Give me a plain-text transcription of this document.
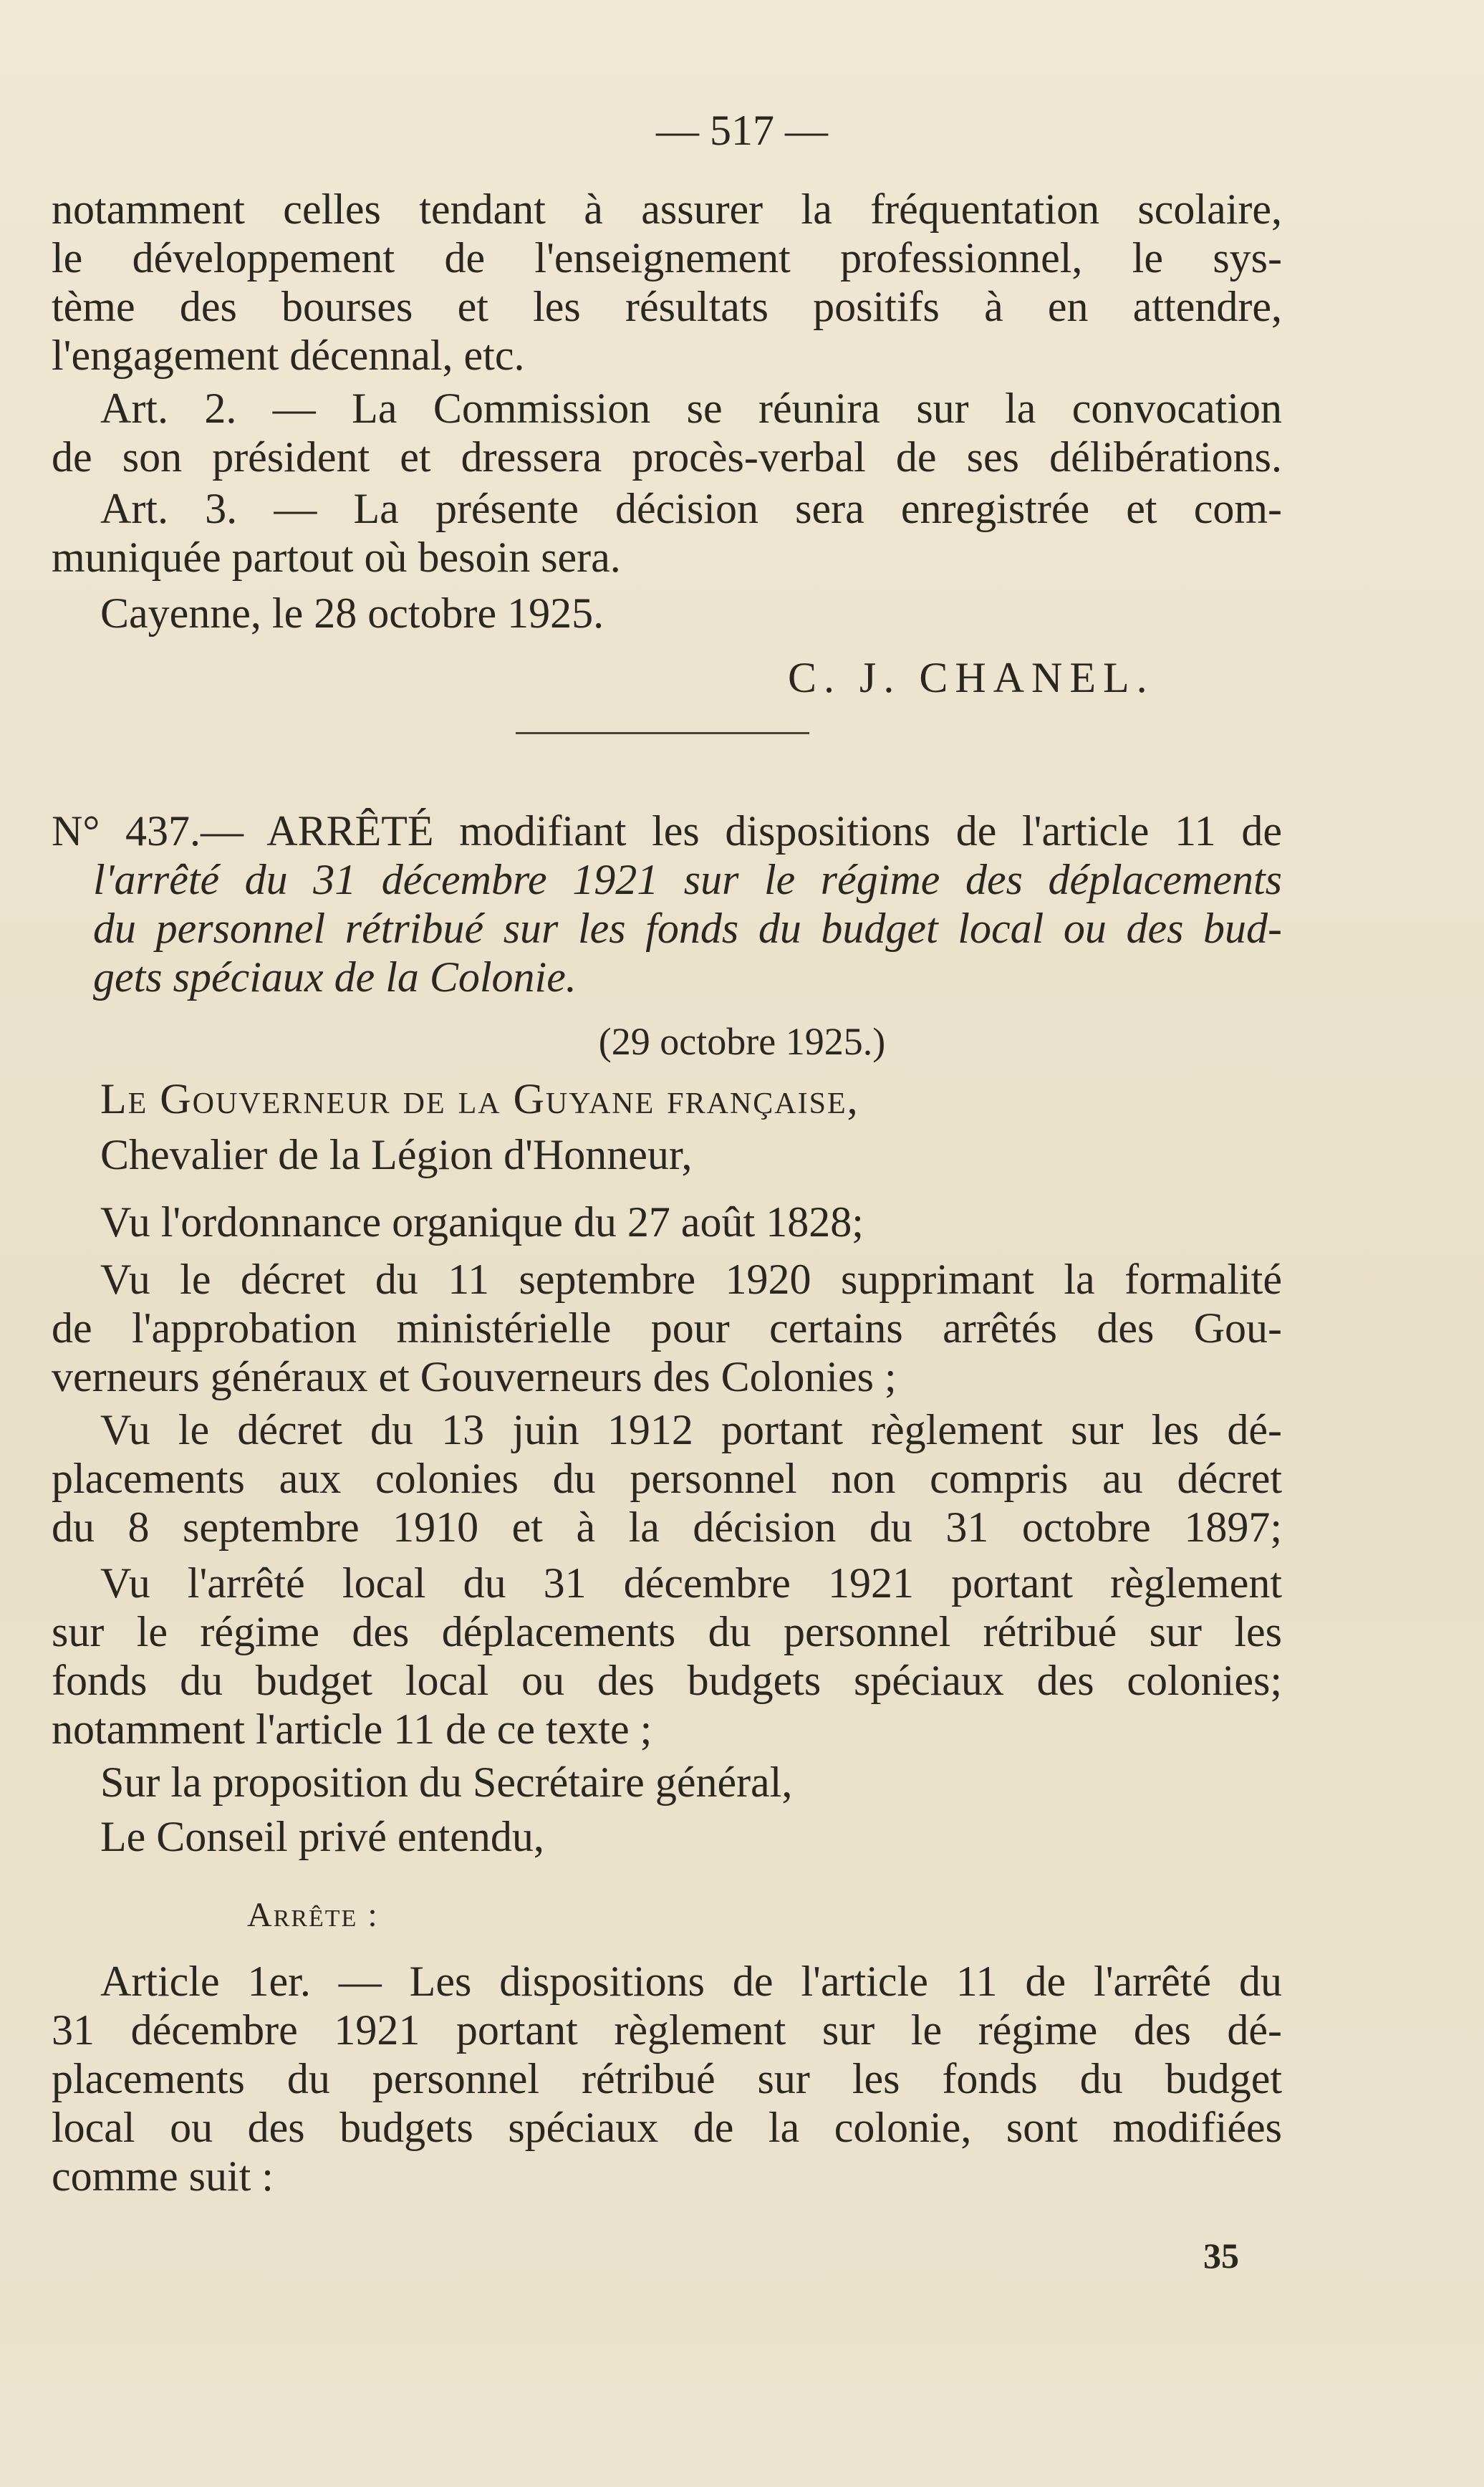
— 517 —
notamment celles tendant à assurer la fréquentation scolaire,
le développement de l'enseignement professionnel, le sys-
tème des bourses et les résultats positifs à en attendre,
l'engagement décennal, etc.
Art. 2. — La Commission se réunira sur la convocation
de son président et dressera procès-verbal de ses délibérations.
Art. 3. — La présente décision sera enregistrée et com-
muniquée partout où besoin sera.
Cayenne, le 28 octobre 1925.
C. J. CHANEL.
N° 437.— ARRÊTÉ modifiant les dispositions de l'article 11 de
l'arrêté du 31 décembre 1921 sur le régime des déplacements
du personnel rétribué sur les fonds du budget local ou des bud-
gets spéciaux de la Colonie.
(29 octobre 1925.)
Le Gouverneur de la Guyane française,
Chevalier de la Légion d'Honneur,
Vu l'ordonnance organique du 27 août 1828;
Vu le décret du 11 septembre 1920 supprimant la formalité
de l'approbation ministérielle pour certains arrêtés des Gou-
verneurs généraux et Gouverneurs des Colonies ;
Vu le décret du 13 juin 1912 portant règlement sur les dé-
placements aux colonies du personnel non compris au décret
du 8 septembre 1910 et à la décision du 31 octobre 1897;
Vu l'arrêté local du 31 décembre 1921 portant règlement
sur le régime des déplacements du personnel rétribué sur les
fonds du budget local ou des budgets spéciaux des colonies;
notamment l'article 11 de ce texte ;
Sur la proposition du Secrétaire général,
Le Conseil privé entendu,
Arrête :
Article 1er. — Les dispositions de l'article 11 de l'arrêté du
31 décembre 1921 portant règlement sur le régime des dé-
placements du personnel rétribué sur les fonds du budget
local ou des budgets spéciaux de la colonie, sont modifiées
comme suit :
35
